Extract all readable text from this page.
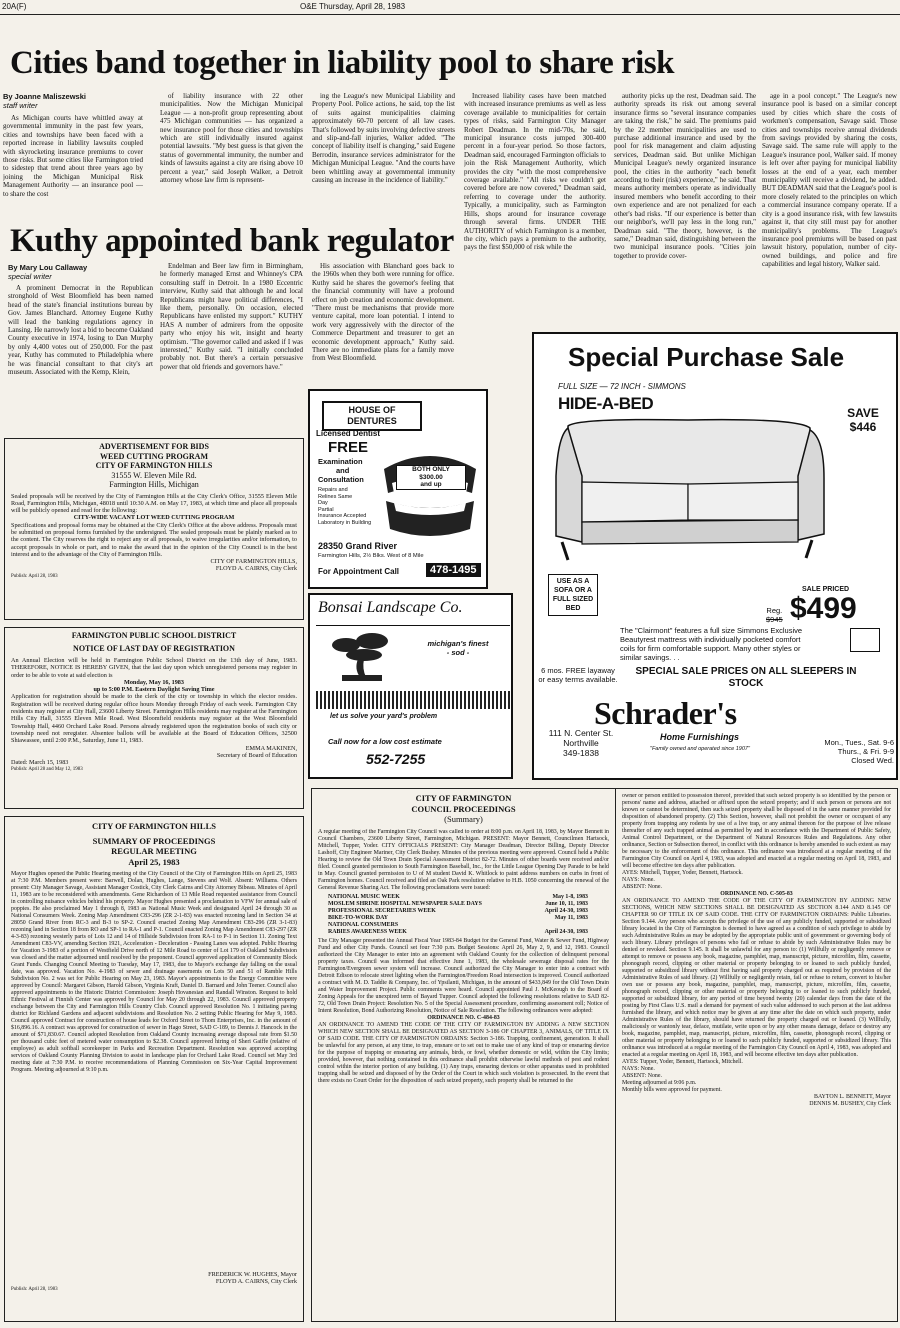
20A(F)	O&E Thursday, April 28, 1983
Cities band together in liability pool to share risk
By Joanne Maliszewski
staff writer

As Michigan courts have whittled away at governmental immunity in the past few years, cities and townships have been faced with a reported increase in liability lawsuits coupled with skyrocketing insurance premiums to cover those risks. But some cities like Farmington tried to sidestep that trend about three years ago by joining the Michigan Municipal Risk Management Authority — an insurance pool — to share the cost

of liability insurance with 22 other municipalities. Now the Michigan Municipal League — a non-profit group representing about 475 Michigan communities — has organized a new insurance pool for those cities and townships which are still individually insured against potential lawsuits. "My best guess is that given the status of governmental immunity, the number and kinds of lawsuits against a city are rising above 10 percent a year," said Joseph Walker, a Detroit attorney whose law firm is represent-

ing the League's new Municipal Liability and Property Pool. Police actions, he said, top the list of suits against municipalities claiming approximately 60-70 percent of all law cases. That's followed by suits involving defective streets and slip-and-fall injuries, Walker added. "The concept of liability itself is changing," said Eugene Berrodin, insurance services administrator for the Michigan Municipal League. "And the courts have been whittling away at governmental immunity causing an increase in the incidence of liability."

Increased liability cases have been matched with increased insurance premiums as well as less coverage available to municipalities for certain types of risks, said Farmington City Manager Robert Deadman. In the mid-'70s, he said, municipal insurance costs jumped 300-400 percent in a four-year period. So those factors, Deadman said, encouraged Farmington officials to join the Risk Management Authority, which provides the city "with the most comprehensive coverage available." "All risks we couldn't get covered before are now covered," Deadman said, referring to coverage under the authority. Typically, a municipality, such as Farmington Hills, shops around for insurance coverage through several firms. UNDER THE AUTHORITY of which Farmington is a member, the city, which pays a premium to the authority, pays the first $50,000 of risk while the

authority picks up the rest, Deadman said. The authority spreads its risk out among several insurance firms so "several insurance companies are taking the risk," he said. The premiums paid by the 22 member municipalities are used to purchase additional insurance and used by the pool for risk management and claim adjusting services, Deadman said. But unlike Michigan Municipal League's newly organized insurance pool, the cities in the authority "each benefit according to their (risk) experience," he said. That means authority members operate as individually insured members who benefit according to their own experience and are not penalized for each other's bad risks. "If our experience is better than our neighbor's, we'll pay less in the long run," Deadman said. "The theory, however, is the same," Deadman said, distinguishing between the two municipal insurance pools. "Cities join together to provide cover-

age in a pool concept." The League's new insurance pool is based on a similar concept used by cities which share the costs of workmen's compensation, Savage said. Those cities and townships receive annual dividends from savings provided by sharing the costs, Savage said. The same rule will apply to the League's insurance pool, Walker said. If money is left over after paying for municipal liability losses at the end of a year, each member municipality will receive a dividend, he added. BUT DEADMAN said that the League's pool is more closely related to the principles on which a commercial insurance company operate. If a city is a good insurance risk, with few lawsuits against it, that city still must pay for another municipality's problems. The League's insurance pool premiums will be based on past lawsuit history, population, number of city-owned buildings, and police and fire capabilities and legal history, Walker said.

Kuthy appointed bank regulator
By Mary Lou Callaway
special writer

A prominent Democrat in the Republican stronghold of West Bloomfield has been named head of the state's financial institutions bureau by Gov. James Blanchard. Attorney Eugene Kuthy will lead the banking regulations agency in Lansing. He narrowly lost a bid to become Oakland County executive in 1974, losing to Dan Murphy by only 4,400 votes out of 250,000. For the past year, Kuthy has commuted to Philadelphia where he was financial consultant to that city's art museum. Associated with the Kemp, Klein,

Endelman and Beer law firm in Birmingham, he formerly managed Ernst and Whinney's CPA consulting staff in Detroit. In a 1980 Eccentric interview, Kuthy said that although he and local Republicans might have political differences, "I like them, personally. On occasion, elected Republicans have enlisted my support." KUTHY HAS A number of admirers from the opposite party who enjoy his wit, insight and hearty optimism. "The governor called and asked if I was interested," Kuthy said. "I initially concluded probably not. But there's a certain persuasive power that old friends and governors have."

His association with Blanchard goes back to the 1960s when they both were running for office. Kuthy said he shares the governor's feeling that the financial community will have a profound effect on job creation and economic development. "There must be mechanisms that provide more venture capital, more loan potential. I intend to work very aggressively with the director of the Commerce Department and treasurer to get an economic development approach," Kuthy said. There are no immediate plans for a family move from West Bloomfield.

ADVERTISEMENT FOR BIDS
WEED CUTTING PROGRAM
CITY OF FARMINGTON HILLS
31555 W. Eleven Mile Rd.
Farmington Hills, Michigan

Sealed proposals will be received by the City of Farmington Hills at the City Clerk's Office, 31555 Eleven Mile Road, Farmington Hills, Michigan, 48018 until 10:30 A.M. on May 17, 1983, at which time and place all proposals will be publicly opened and read for the following:

CITY-WIDE VACANT LOT WEED CUTTING PROGRAM

Specifications and proposal forms may be obtained at the City Clerk's Office at the above address. Proposals must be submitted on proposal forms furnished by the undersigned. The sealed proposals must be plainly marked as to the content. The City reserves the right to reject any or all proposals, to waive irregularities and/or information, to accept proposals in whole or part, and to make the award that in the opinion of the City Council is in the best interest and to the advantage of the City of Farmington Hills.

CITY OF FARMINGTON HILLS,

FLOYD A. CAIRNS, City Clerk

Publish: April 28, 1983

FARMINGTON PUBLIC SCHOOL DISTRICT
NOTICE OF LAST DAY OF REGISTRATION

An Annual Election will be held in Farmington Public School District on the 13th day of June, 1983. THEREFORE, NOTICE IS HEREBY GIVEN, that the last day upon which unregistered persons may register in order to be able to vote at said election is

Monday, May 16, 1983

up to 5:00 P.M. Eastern Daylight Saving Time

Application for registration should be made to the clerk of the city or township in which the elector resides. Registration will be received during regular office hours Monday through Friday of each week. Farmington City residents may register at City Hall, 23600 Liberty Street. Farmington Hills residents may register at the Farmington Hills City Hall, 31555 Eleven Mile Road. West Bloomfield residents may register at the West Bloomfield Township Hall, 4460 Orchard Lake Road. Persons already registered upon the registration books of such city or township need not reregister. Absentee ballots will be available at the Board of Education Offices, 32500 Shiawassee, until 2:00 P.M., Saturday, June 11, 1983.

EMMA MAKINEN,

Secretary of Board of Education

Dated: March 15, 1983

Publish: April 28 and May 12, 1983

CITY OF FARMINGTON HILLS
SUMMARY OF PROCEEDINGS
REGULAR MEETING
April 25, 1983

Mayor Hughes opened the Public Hearing meeting of the City Council of the City of Farmington Hills on April 25, 1983 at 7:30 P.M. Members present were: Barwell, Dolan, Hughes, Lange, Stevens and Wolf. Absent: Williams. Others present: City Manager Savage, Assistant Manager Costick, City Clerk Cairns and City Attorney Bibeau. Minutes of April 11, 1983 are to be reconsidered with amendments. Gene Richardson of 13 Mile Road requested assistance from Council in controlling nuisance vehicles behind his property. Mayor Hughes presented a proclamation to VFW for annual sale of poppies. He also proclaimed May 1 through 8, 1983 as National Music Week and designated April 24 through 30 as National Consumers Week. Zoning Map Amendment C83-296 (ZR 2-1-83) was enacted rezoning land in Section 34 at 28050 Grand River from RC-3 and B-3 to SP-2. Council enacted Zoning Map Amendment C83-296 (ZR 3-1-83) rezoning land in Section 18 from RO and SP-1 to RA-1 and P-1. Council enacted Zoning Map Amendment C83-297 (ZR 4-3-83) rezoning westerly parts of Lots 12 and 14 of Hillside Subdivision from RA-1 to P-1 in Section 11. Zoning Text Amendment C83-VV, amending Section 1921, Acceleration - Deceleration - Passing Lanes was adopted. Public Hearing for Vacation 3-1983 of a portion of Westfield Drive north of 12 Mile Road to center of Lot 179 of Oakland Subdivision was closed and the matter adjourned until resolved by the proponent. Council approved application of Community Block Grant Funds. Changing Council Meeting to Tuesday, May 17, 1983, due to Mayor's exchange day falling on the usual date, was approved. Vacation No. 4-1983 of sewer and drainage easements on Lots 50 and 51 of Ramble Hills Subdivision No. 2 was set for Public Hearing on May 23, 1983. Mayor's appointments to the Energy Committee were approved by Council: Margaret Gibson, Harold Gibson, Virginia Kraft, Daniel D. Barnard and John Teener. Council also approved appointments to the Historic District Commission: Joseph Hovanesian and Randall Winston. Request to hold Ethnic Festival at Finnish Center was approved by Council for May 20 through 22, 1983. Council approved property exchange between the City and Farmington Hills Country Club. Council approved Resolution No. 1 initiating paving district for Richland Gardens and adjacent subdivisions and Resolution No. 2 setting Public Hearing for May 9, 1983. Council approved Contract for construction of house leads for Oxford Street to Thom Enterprises, Inc. in the amount of $16,896.16. A contract was approved for construction of sewer in Hago Street, SAD C-189, to Dennis J. Hancock in the amount of $71,830.67. Council adopted Resolution from Oakland County increasing average disposal rate from $1.50 per thousand cubic feet of metered water consumption to $2.38. Council approved hiring of Sheri Gaiffe (relative of employee) as adult softball scorekeeper in Parks and Recreation Department. Resolution was approved accepting services of Oakland County Planning Division to assist in landscape plan for Orchard Lake Road. Council set May 3rd meeting date at 7:30 P.M. to receive recommendations of Planning Commission on Six-Year Capital Improvement Program. Meeting adjourned at 9:10 p.m.

FREDERICK W. HUGHES, Mayor

FLOYD A. CAIRNS, City Clerk

Publish: April 28, 1983

CITY OF FARMINGTON
COUNCIL PROCEEDINGS
(Summary)

A regular meeting of the Farmington City Council was called to order at 8:00 p.m. on April 18, 1983, by Mayor Bennett in Council Chambers, 23600 Liberty Street, Farmington, Michigan. PRESENT: Mayor Bennett, Councilmen Hartsock, Mitchell, Tupper, Yoder. CITY OFFICIALS PRESENT: City Manager Deadman, Director Billing, Deputy Director Lashoff, City Engineer Mariner, City Clerk Bushey. Minutes of the previous meeting were approved. Council held a Public Hearing to review the Old Town Drain Special Assessment District 82-72. Minutes of other boards were received and/or filed. Council granted permission to South Farmington Baseball, Inc., for the Little League Opening Day Parade to be held in May. Council granted permission to U of M student David K. Whitlock to paint address numbers on curbs in front of Farmington homes. Council received and filed an Oak Park resolution relative to H.B. 1050 concerning the renewal of the General Revenue Sharing Act. The following proclamations were issued:

NATIONAL MUSIC WEEK	May 1-8, 1983
MOSLEM SHRINE HOSPITAL NEWSPAPER SALE DAYS	June 10, 11, 1983
PROFESSIONAL SECRETARIES WEEK	April 24-30, 1983
BIKE-TO-WORK DAY	May 11, 1983
NATIONAL CONSUMERS
RABIES AWARENESS WEEK	April 24-30, 1983

The City Manager presented the Annual Fiscal Year 1983-84 Budget for the General Fund, Water & Sewer Fund, Highway Fund and other City Funds. Council set four 7:30 p.m. Budget Sessions: April 26, May 2, 9, and 12, 1983. Council authorized the City Manager to enter into an agreement with Oakland County for the collection of delinquent personal property taxes. Council was informed that effective June 1, 1983, the wholesale sewerage disposal rates for the Farmington/Evergreen sewer system will increase. Council authorized the City Manager to enter into a contract with Detroit Edison to relocate street lighting when the Farmington/Freedom Road intersection is improved. Council authorized a contract with M. D. Taddie & Company, Inc. of Ypsilanti, Michigan, in the amount of $433,849 for the Old Town Drain and Water Improvement Project. Public comments were heard. Council appointed Paul J. McKeough to the Board of Zoning Appeals for the unexpired term of Bayard Tupper. Council adopted the following resolutions relative to SAD 82-72, Old Town Drain Project: Resolution No. 5 of the Special Assessment procedure, confirming assessment roll; Notice of Intent Resolution, Bond Authorizing Resolution, Notice of Sale Resolution. The following ordinances were adopted:

ORDINANCE NO. C-484-83

AN ORDINANCE TO AMEND THE CODE OF THE CITY OF FARMINGTON BY ADDING A NEW SECTION WHICH NEW SECTION SHALL BE DESIGNATED AS SECTION 3-186 OF CHAPTER 3, ANIMALS, OF TITLE IX OF SAID CODE. THE CITY OF FARMINGTON ORDAINS: Section 3-186. Trapping, confinement, generation. It shall be unlawful for any person, at any time, to trap, ensnare or to set out to make use of any kind of trap or ensnaring device for the purpose of trapping or ensnaring any animals, birds, or fowl, whether domestic or wild, within the City limits; provided, however, that nothing contained in this ordinance shall prohibit otherwise lawful methods of pest and rodent control within the interior portion of any building. (1) Any traps, ensnaring devices or other apparatus used in prohibited trapping shall be seized and disposed of by the Order of the Court in which such violation is prosecuted. In the event that there exists no Court Order for the disposition of such seized property, such property shall be returned to the

owner or person entitled to possession thereof, provided that such seized property is so identified by the person or persons' name and address, attached or affixed upon the seized property; and if such person or persons are not known or cannot be determined, then such seized property shall be disposed of in the same manner provided for disposition of abandoned property. (2) This Section, however, shall not prohibit the owner or occupant of any property from trapping any rodents by use of a live trap, or any animal thereon for the purpose of live release thereafter of any such trapped animal as permitted by and in accordance with the Department of Public Safety, Animal Control Department, or the Department of Natural Resources Rules and Regulations. Any other ordinance, Section or Subsection thereof, in conflict with this ordinance is hereby amended to such extent as may be necessary to the enforcement of this ordinance. This ordinance was introduced at a regular meeting of the Farmington City Council on April 4, 1983, was adopted and enacted at a regular meeting on April 18, 1983, and will become effective ten days after publication.

AYES: Mitchell, Tupper, Yoder, Bennett, Hartsock.

NAYS: None.

ABSENT: None.

ORDINANCE NO. C-505-83

AN ORDINANCE TO AMEND THE CODE OF THE CITY OF FARMINGTON BY ADDING NEW SECTIONS, WHICH NEW SECTIONS SHALL BE DESIGNATED AS SECTION 8.144 AND 8.145 OF CHAPTER 90 OF TITLE IX OF SAID CODE. THE CITY OF FARMINGTON ORDAINS: Public Libraries. Section 9.144. Any person who accepts the privilege of the use of any publicly funded, supported or subsidized library located in the City of Farmington is deemed to have agreed as a condition of such privilege to abide by such Administrative Rules as may be adopted by the appropriate public unit of government or governing body of such library. Library privileges of persons who fail or refuse to abide by such Administrative Rules may be denied or revoked. Section 9.145. It shall be unlawful for any person to: (1) Willfully or negligently remove or attempt to remove or possess any book, magazine, pamphlet, map, manuscript, picture, microfilm, film, cassette, phonograph record, clipping or other material or property belonging to or loaned to such publicly funded, supported or subsidized library without first having said property charged out as required by provision of the Administrative Rules of said library. (2) Willfully or negligently retain, fail or refuse to return, convert to his/her own use or possess any book, magazine, pamphlet, map, manuscript, picture, microfilm, film, cassette, phonograph record, clipping or other material or property belonging to or loaned to such publicly funded, supported or subsidized library, for any period of time beyond twenty (20) calendar days from the date of the posting by First Class U.S. mail a demand for payment of such value addressed to such person at the last address furnished the library, and which notice may be given at any time after the date on which such property, under Administrative Rules of the library, should have returned the property charged out or loaned. (3) Willfully, maliciously or wantonly tear, deface, mutilate, write upon or by any other means damage, deface or destroy any book, magazine, pamphlet, map, manuscript, picture, microfilm, film, cassette, phonograph record, clipping or other material or property belonging to or loaned to such publicly funded, supported or subsidized library. This ordinance was introduced at a regular meeting of the Farmington City Council on April 4, 1983, was adopted and enacted at a regular meeting on April 18, 1983, and will become effective ten days after publication.

AYES: Tupper, Yoder, Bennett, Hartsock, Mitchell.

NAYS: None.

ABSENT: None.

Meeting adjourned at 9:06 p.m.

Monthly bills were approved for payment.

BAYTON L. BENNETT, Mayor

DENNIS M. BUSHEY, City Clerk

HOUSE OF DENTURES
Licensed Dentist
FREE
Examination
and
Consultation
Repairs and
Relines Same
Day
Partial
Insurance Accepted
Laboratory in Building
BOTH ONLY
$300.00
and up
28350 Grand River
Farmington Hills, 2½ Blks. West of 8 Mile
For Appointment Call	478-1495
Bonsai Landscape Co.
michigan's finest
- sod -
let us solve your yard's problem
Call now for a low cost estimate
552-7255
Special Purchase Sale
FULL SIZE — 72 INCH - SIMMONS
HIDE-A-BED	SAVE
$446
SALE PRICED
Reg.
$945 $499
USE AS A SOFA OR A FULL SIZED BED
The "Clairmont" features a full size Simmons Exclusive Beautyrest mattress with individually pocketed comfort coils for firm comfortable support. Many other styles or similar savings. . .
6 mos. FREE layaway or easy terms available.
SPECIAL SALE PRICES ON ALL SLEEPERS IN STOCK
Schrader's
Home Furnishings
"Family owned and operated since 1907"
111 N. Center St.
Northville
349-1838
Mon., Tues., Sat. 9-6
Thurs., & Fri. 9-9
Closed Wed.
